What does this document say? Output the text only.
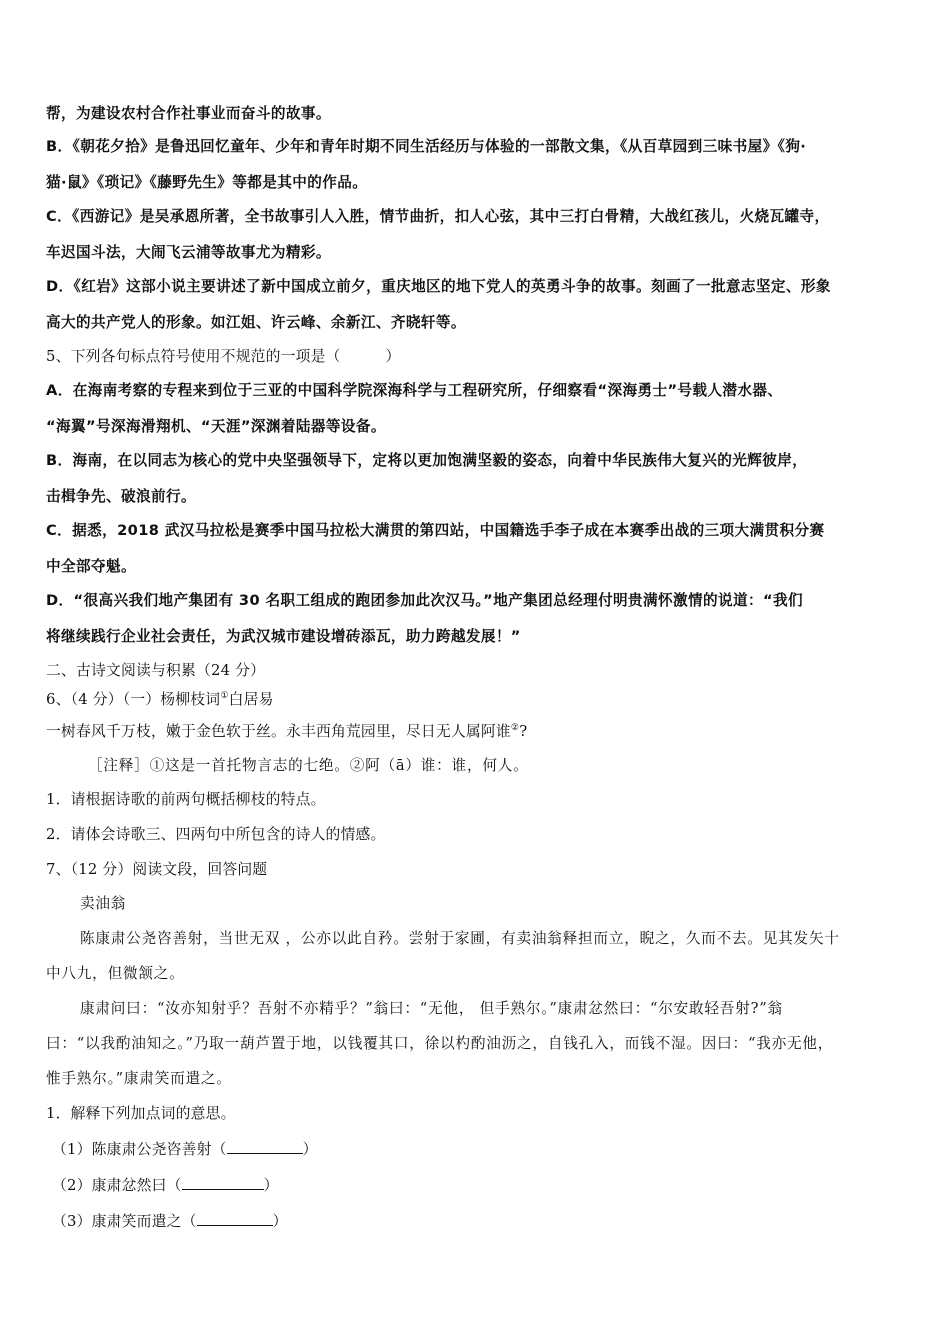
帮，为建设农村合作社事业而奋斗的故事。
B．《朝花夕拾》是鲁迅回忆童年、少年和青年时期不同生活经历与体验的一部散文集，《从百草园到三味书屋》《狗·
猫·鼠》《琐记》《藤野先生》等都是其中的作品。
C．《西游记》是吴承恩所著，全书故事引人入胜，情节曲折，扣人心弦，其中三打白骨精，大战红孩儿，火烧瓦罐寺，
车迟国斗法，大闹飞云浦等故事尤为精彩。
D．《红岩》这部小说主要讲述了新中国成立前夕，重庆地区的地下党人的英勇斗争的故事。刻画了一批意志坚定、形象
高大的共产党人的形象。如江姐、许云峰、余新江、齐晓轩等。
5、下列各句标点符号使用不规范的一项是（　　　）
A．在海南考察的专程来到位于三亚的中国科学院深海科学与工程研究所，仔细察看“深海勇士”号载人潜水器、
“海翼”号深海滑翔机、“天涯”深渊着陆器等设备。
B．海南，在以同志为核心的党中央坚强领导下，定将以更加饱满坚毅的姿态，向着中华民族伟大复兴的光辉彼岸，
击楫争先、破浪前行。
C．据悉，2018 武汉马拉松是赛季中国马拉松大满贯的第四站，中国籍选手李子成在本赛季出战的三项大满贯积分赛
中全部夺魁。
D．“很高兴我们地产集团有 30 名职工组成的跑团参加此次汉马。”地产集团总经理付明贵满怀激情的说道：“我们
将继续践行企业社会责任，为武汉城市建设增砖添瓦，助力跨越发展！”
二、古诗文阅读与积累（24 分）
6、（4 分）（一）杨柳枝词①白居易
一树春风千万枝，嫩于金色软于丝。永丰西角荒园里，尽日无人属阿谁②?
［注释］①这是一首托物言志的七绝。②阿（ā）谁：谁，何人。
1．请根据诗歌的前两句概括柳枝的特点。
2．请体会诗歌三、四两句中所包含的诗人的情感。
7、（12 分）阅读文段，回答问题
卖油翁
陈康肃公尧咨善射，当世无双 ，公亦以此自矜。尝射于家圃，有卖油翁释担而立，睨之，久而不去。见其发矢十
中八九，但微颔之。
康肃问曰：“汝亦知射乎？吾射不亦精乎？”翁曰：“无他， 但手熟尔。”康肃忿然曰：“尔安敢轻吾射?”翁
曰：“以我酌油知之。”乃取一葫芦置于地，以钱覆其口，徐以杓酌油沥之，自钱孔入，而钱不湿。因曰：“我亦无他，
惟手熟尔。”康肃笑而遣之。
1．解释下列加点词的意思。
（1）陈康肃公尧咨善射（	）
（2）康肃忿然曰（	）
（3）康肃笑而遣之（	）
